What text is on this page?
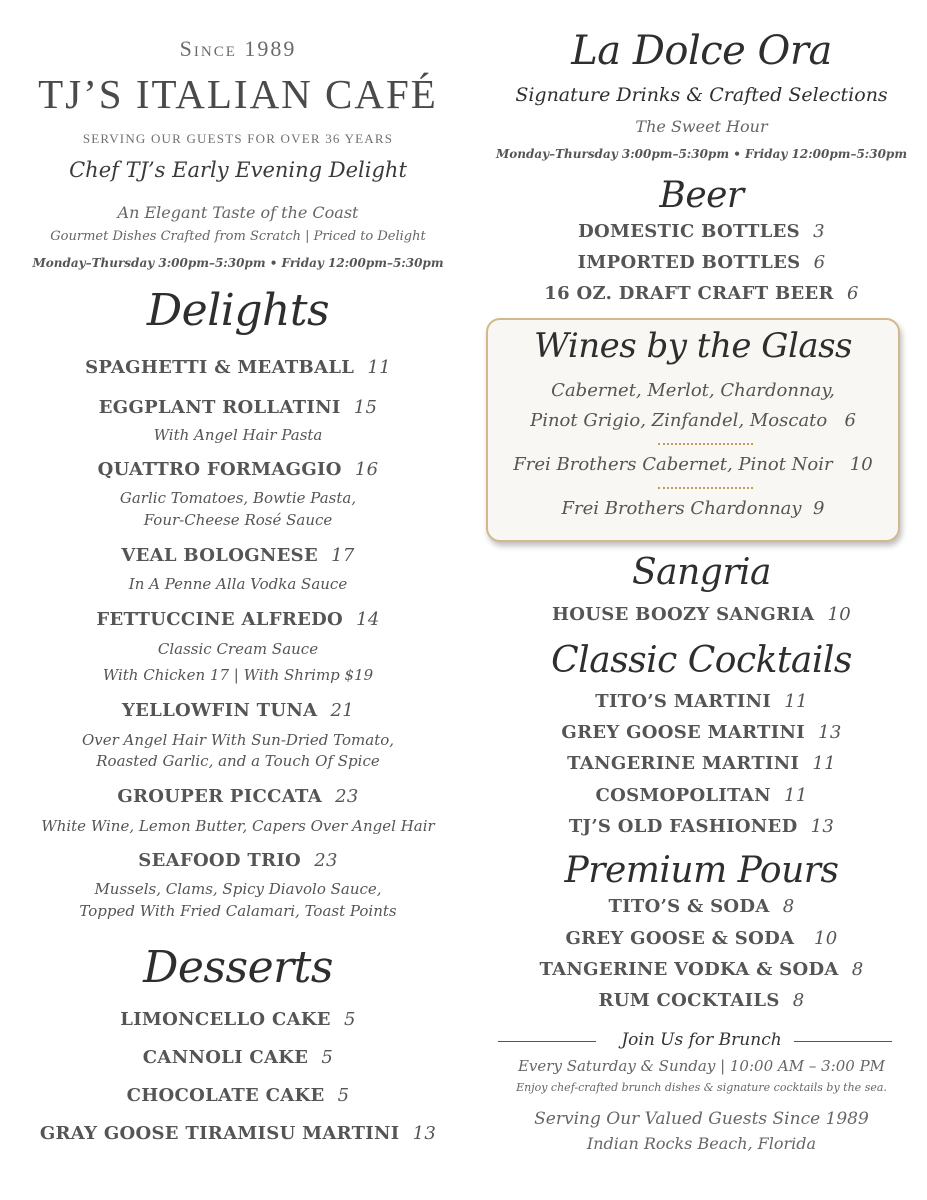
Since 1989
TJ’S ITALIAN CAFÉ
SERVING OUR GUESTS FOR OVER 36 YEARS
Chef TJ’s Early Evening Delight
An Elegant Taste of the Coast
Gourmet Dishes Crafted from Scratch | Priced to Delight
Monday–Thursday 3:00pm–5:30pm • Friday 12:00pm–5:30pm
Delights
SPAGHETTI & MEATBALL 11
EGGPLANT ROLLATINI 15
With Angel Hair Pasta
QUATTRO FORMAGGIO 16
Garlic Tomatoes, Bowtie Pasta,
Four-Cheese Rosé Sauce
VEAL BOLOGNESE 17
In A Penne Alla Vodka Sauce
FETTUCCINE ALFREDO 14
Classic Cream Sauce
With Chicken 17 | With Shrimp $19
YELLOWFIN TUNA 21
Over Angel Hair With Sun-Dried Tomato,
Roasted Garlic, and a Touch Of Spice
GROUPER PICCATA 23
White Wine, Lemon Butter, Capers Over Angel Hair
SEAFOOD TRIO 23
Mussels, Clams, Spicy Diavolo Sauce,
Topped With Fried Calamari, Toast Points
Desserts
LIMONCELLO CAKE 5
CANNOLI CAKE 5
CHOCOLATE CAKE 5
GRAY GOOSE TIRAMISU MARTINI 13
La Dolce Ora
Signature Drinks & Crafted Selections
The Sweet Hour
Monday–Thursday 3:00pm–5:30pm • Friday 12:00pm–5:30pm
Beer
DOMESTIC BOTTLES 3
IMPORTED BOTTLES 6
16 OZ. DRAFT CRAFT BEER 6
Wines by the Glass
Cabernet, Merlot, Chardonnay,
Pinot Grigio, Zinfandel, Moscato 6
Frei Brothers Cabernet, Pinot Noir 10
Frei Brothers Chardonnay 9
Sangria
HOUSE BOOZY SANGRIA 10
Classic Cocktails
TITO’S MARTINI 11
GREY GOOSE MARTINI 13
TANGERINE MARTINI 11
COSMOPOLITAN 11
TJ’S OLD FASHIONED 13
Premium Pours
TITO’S & SODA 8
GREY GOOSE & SODA 10
TANGERINE VODKA & SODA 8
RUM COCKTAILS 8
Join Us for Brunch
Every Saturday & Sunday | 10:00 AM – 3:00 PM
Enjoy chef-crafted brunch dishes & signature cocktails by the sea.
Serving Our Valued Guests Since 1989
Indian Rocks Beach, Florida
